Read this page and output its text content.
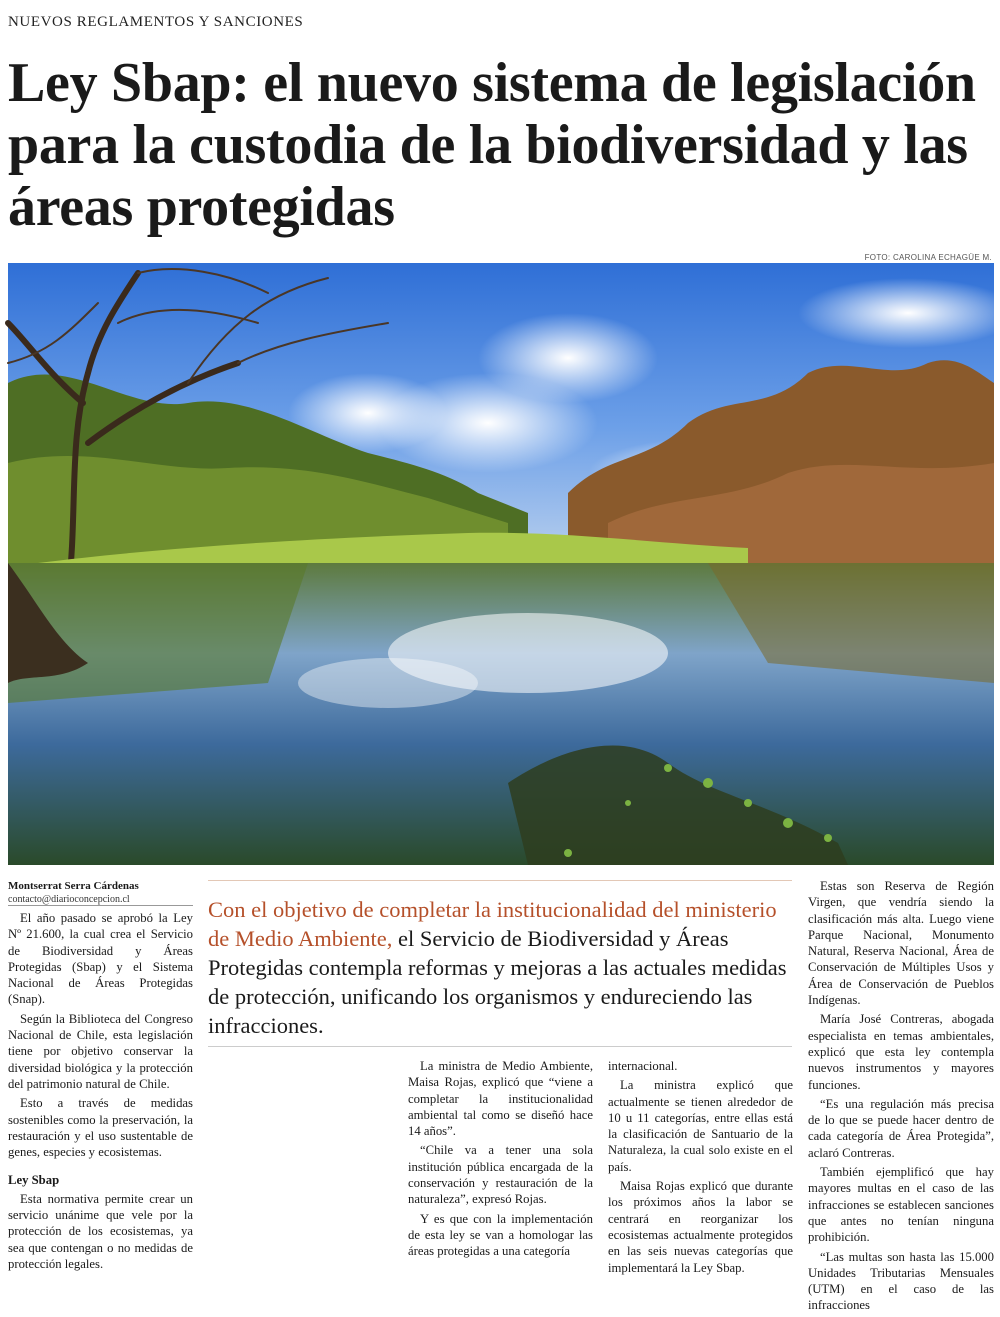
NUEVOS REGLAMENTOS Y SANCIONES
Ley Sbap: el nuevo sistema de legislación para la custodia de la biodiversidad y las áreas protegidas
FOTO: CAROLINA ECHAGÜE M.
Montserrat Serra Cárdenas
contacto@diarioconcepcion.cl

El año pasado se aprobó la Ley Nº 21.600, la cual crea el Servicio de Biodiversidad y Áreas Protegidas (Sbap) y el Sistema Nacional de Áreas Protegidas (Snap).

Según la Biblioteca del Congreso Nacional de Chile, esta legislación tiene por objetivo conservar la diversidad biológica y la protección del patrimonio natural de Chile.

Esto a través de medidas sostenibles como la preservación, la restauración y el uso sustentable de genes, especies y ecosistemas.

Ley Sbap

Esta normativa permite crear un servicio unánime que vele por la protección de los ecosistemas, ya sea que contengan o no medidas de protección legales.

Con el objetivo de completar la institucionalidad del ministerio de Medio Ambiente, el Servicio de Biodiversidad y Áreas Protegidas contempla reformas y mejoras a las actuales medidas de protección, unificando los organismos y endureciendo las infracciones.

La ministra de Medio Ambiente, Maisa Rojas, explicó que “viene a completar la institucionalidad ambiental tal como se diseñó hace 14 años”.

“Chile va a tener una sola institución pública encargada de la conservación y restauración de la naturaleza”, expresó Rojas.

Y es que con la implementación de esta ley se van a homologar las áreas protegidas a una categoría

internacional.

La ministra explicó que actualmente se tienen alrededor de 10 u 11 categorías, entre ellas está la clasificación de Santuario de la Naturaleza, la cual solo existe en el país.

Maisa Rojas explicó que durante los próximos años la labor se centrará en reorganizar los ecosistemas actualmente protegidos en las seis nuevas categorías que implementará la Ley Sbap.

Estas son Reserva de Región Virgen, que vendría siendo la clasificación más alta. Luego viene Parque Nacional, Monumento Natural, Reserva Nacional, Área de Conservación de Múltiples Usos y Área de Conservación de Pueblos Indígenas.

María José Contreras, abogada especialista en temas ambientales, explicó que esta ley contempla nuevos instrumentos y mayores funciones.

“Es una regulación más precisa de lo que se puede hacer dentro de cada categoría de Área Protegida”, aclaró Contreras.

También ejemplificó que hay mayores multas en el caso de las infracciones se establecen sanciones que antes no tenían ninguna prohibición.

“Las multas son hasta las 15.000 Unidades Tributarias Mensuales (UTM) en el caso de las infracciones
